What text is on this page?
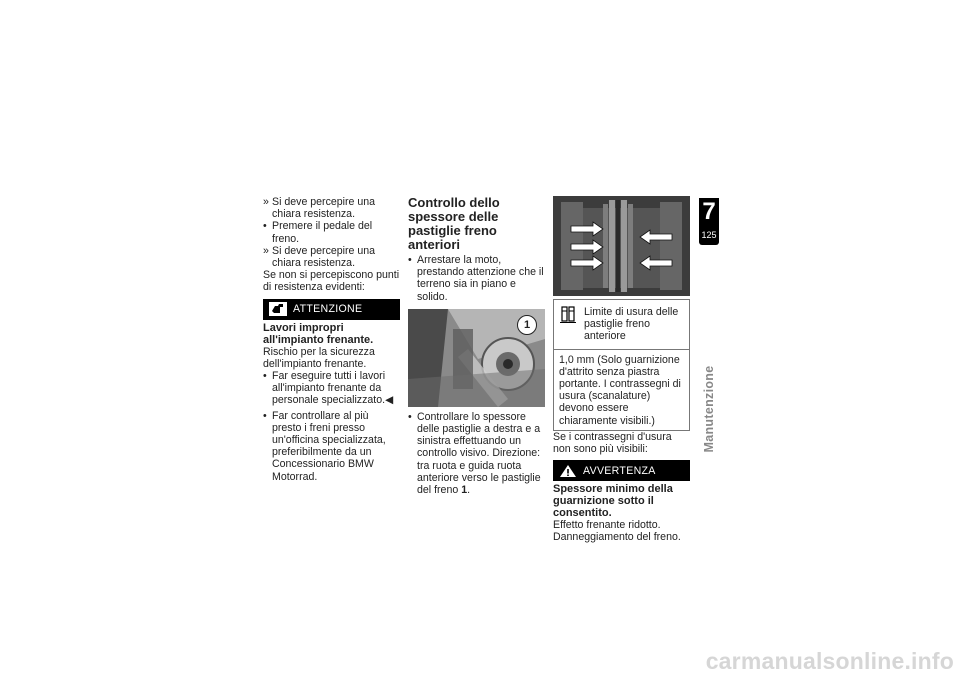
» Si deve percepire una chiara resistenza.
• Premere il pedale del freno.
» Si deve percepire una chiara resistenza.

Se non si percepiscono punti di resistenza evidenti:

ATTENZIONE
Lavori impropri all'impianto frenante.

Rischio per la sicurezza dell'impianto frenante.

• Far eseguire tutti i lavori all'impianto frenante da personale specializzato.◀
• Far controllare al più presto i freni presso un'officina specializzata, preferibilmente da un Concessionario BMW Motorrad.
Controllo dello spessore delle pastiglie freno anteriori
• Arrestare la moto, prestando attenzione che il terreno sia in piano e solido.
1
• Controllare lo spessore delle pastiglie a destra e a sinistra effettuando un controllo visivo. Direzione: tra ruota e guida ruota anteriore verso le pastiglie del freno 1.
Limite di usura delle pastiglie freno anteriore
1,0 mm (Solo guarnizione d'attrito senza piastra portante. I contrassegni di usura (scanalature) devono essere chiaramente visibili.)

Se i contrassegni d'usura non sono più visibili:

AVVERTENZA
Spessore minimo della guarnizione sotto il consentito.

Effetto frenante ridotto. Danneggiamento del freno.

7
125
Manutenzione
carmanualsonline.info
